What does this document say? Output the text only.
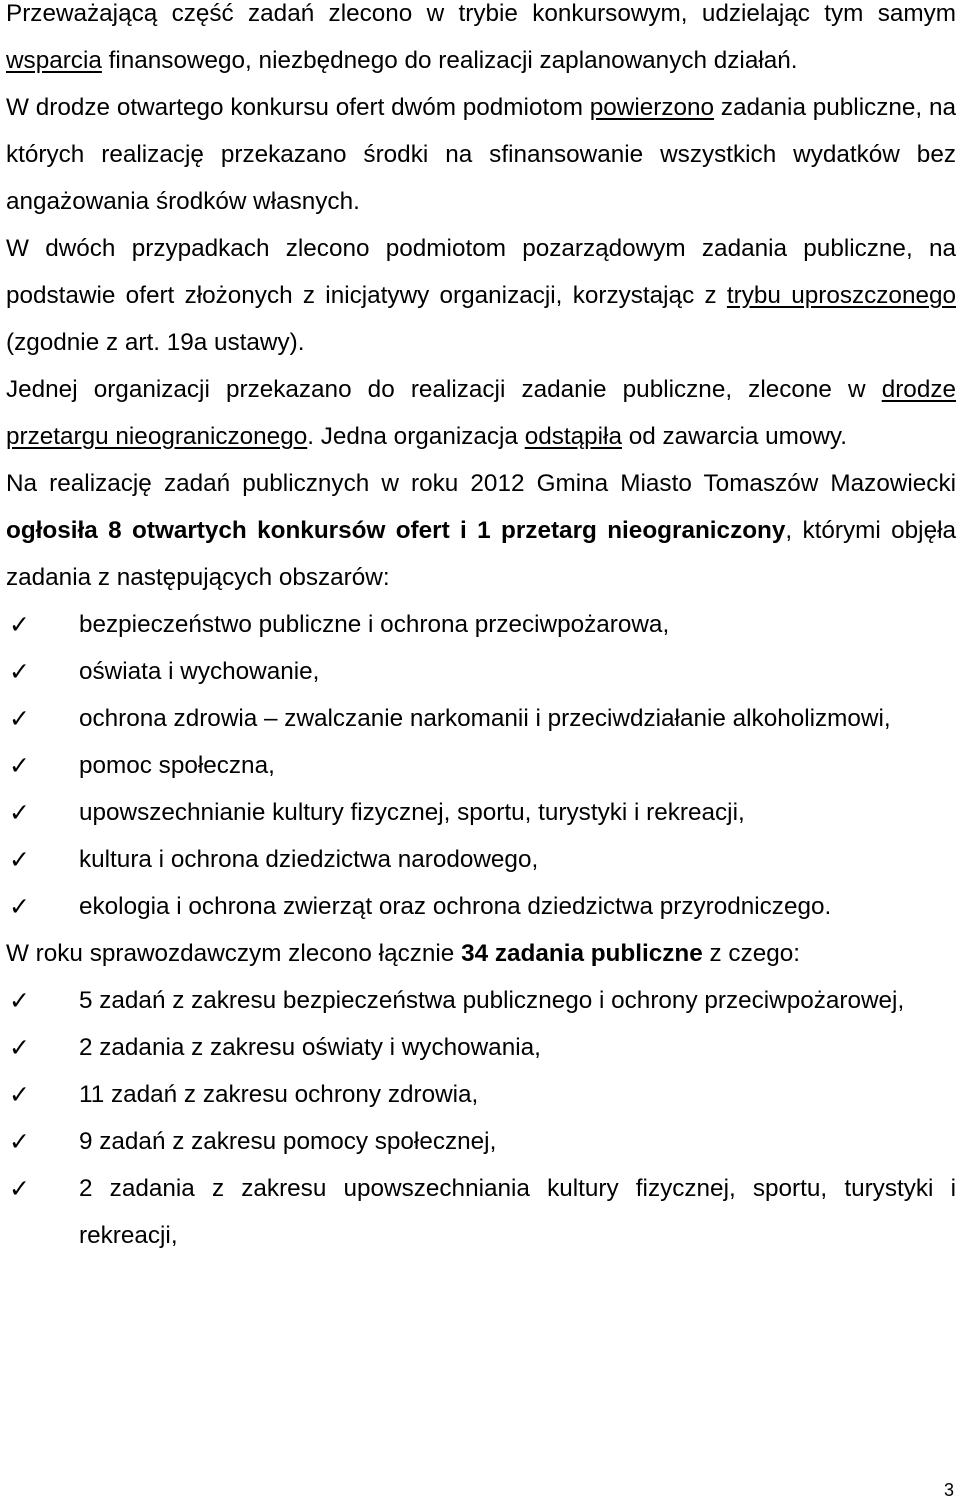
Przeważającą część zadań zlecono w trybie konkursowym, udzielając tym samym wsparcia finansowego, niezbędnego do realizacji zaplanowanych działań.

W drodze otwartego konkursu ofert dwóm podmiotom powierzono zadania publiczne, na których realizację przekazano środki na sfinansowanie wszystkich wydatków bez angażowania środków własnych.

W dwóch przypadkach zlecono podmiotom pozarządowym zadania publiczne, na podstawie ofert złożonych z inicjatywy organizacji, korzystając z trybu uproszczonego (zgodnie z art. 19a ustawy).

Jednej organizacji przekazano do realizacji zadanie publiczne, zlecone w drodze przetargu nieograniczonego. Jedna organizacja odstąpiła od zawarcia umowy.

Na realizację zadań publicznych w roku 2012 Gmina Miasto Tomaszów Mazowiecki ogłosiła 8 otwartych konkursów ofert i 1 przetarg nieograniczony, którymi objęła zadania z następujących obszarów:

✓ bezpieczeństwo publiczne i ochrona przeciwpożarowa,
✓ oświata i wychowanie,
✓ ochrona zdrowia – zwalczanie narkomanii i przeciwdziałanie alkoholizmowi,
✓ pomoc społeczna,
✓ upowszechnianie kultury fizycznej, sportu, turystyki i rekreacji,
✓ kultura i ochrona dziedzictwa narodowego,
✓ ekologia i ochrona zwierząt oraz ochrona dziedzictwa przyrodniczego.

W roku sprawozdawczym zlecono łącznie 34 zadania publiczne z czego:

✓ 5 zadań z zakresu bezpieczeństwa publicznego i ochrony przeciwpożarowej,
✓ 2 zadania z zakresu oświaty i wychowania,
✓ 11 zadań z zakresu ochrony zdrowia,
✓ 9 zadań z zakresu pomocy społecznej,
✓ 2 zadania z zakresu upowszechniania kultury fizycznej, sportu, turystyki i rekreacji,
3
